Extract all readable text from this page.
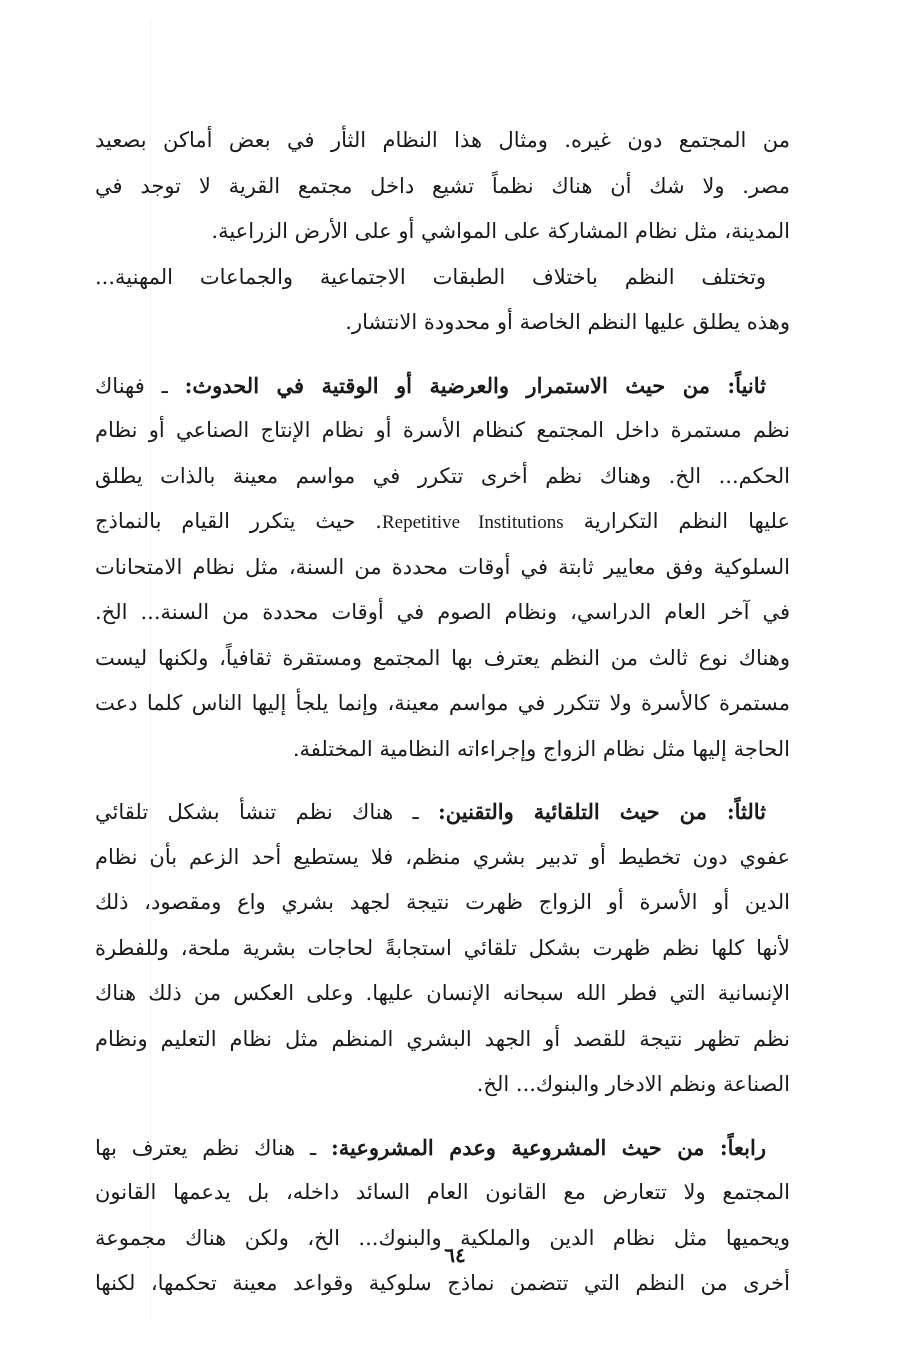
من المجتمع دون غيره. ومثال هذا النظام الثأر في بعض أماكن بصعيد
مصر. ولا شك أن هناك نظماً تشيع داخل مجتمع القرية لا توجد في
المدينة، مثل نظام المشاركة على المواشي أو على الأرض الزراعية.
وتختلف النظم باختلاف الطبقات الاجتماعية والجماعات المهنية...
وهذه يطلق عليها النظم الخاصة أو محدودة الانتشار.
ثانياً: من حيث الاستمرار والعرضية أو الوقتية في الحدوث: ـ فهناك
نظم مستمرة داخل المجتمع كنظام الأسرة أو نظام الإنتاج الصناعي أو نظام
الحكم... الخ. وهناك نظم أخرى تتكرر في مواسم معينة بالذات يطلق
عليها النظم التكرارية Repetitive Institutions. حيث يتكرر القيام بالنماذج
السلوكية وفق معايير ثابتة في أوقات محددة من السنة، مثل نظام الامتحانات
في آخر العام الدراسي، ونظام الصوم في أوقات محددة من السنة... الخ.
وهناك نوع ثالث من النظم يعترف بها المجتمع ومستقرة ثقافياً، ولكنها ليست
مستمرة كالأسرة ولا تتكرر في مواسم معينة، وإنما يلجأ إليها الناس كلما دعت
الحاجة إليها مثل نظام الزواج وإجراءاته النظامية المختلفة.
ثالثاً: من حيث التلقائية والتقنين: ـ هناك نظم تنشأ بشكل تلقائي
عفوي دون تخطيط أو تدبير بشري منظم، فلا يستطيع أحد الزعم بأن نظام
الدين أو الأسرة أو الزواج ظهرت نتيجة لجهد بشري واع ومقصود، ذلك
لأنها كلها نظم ظهرت بشكل تلقائي استجابةً لحاجات بشرية ملحة، وللفطرة
الإنسانية التي فطر الله سبحانه الإنسان عليها. وعلى العكس من ذلك هناك
نظم تظهر نتيجة للقصد أو الجهد البشري المنظم مثل نظام التعليم ونظام
الصناعة ونظم الادخار والبنوك... الخ.
رابعاً: من حيث المشروعية وعدم المشروعية: ـ هناك نظم يعترف بها
المجتمع ولا تتعارض مع القانون العام السائد داخله، بل يدعمها القانون
ويحميها مثل نظام الدين والملكية والبنوك... الخ، ولكن هناك مجموعة
أخرى من النظم التي تتضمن نماذج سلوكية وقواعد معينة تحكمها، لكنها
٦٤
